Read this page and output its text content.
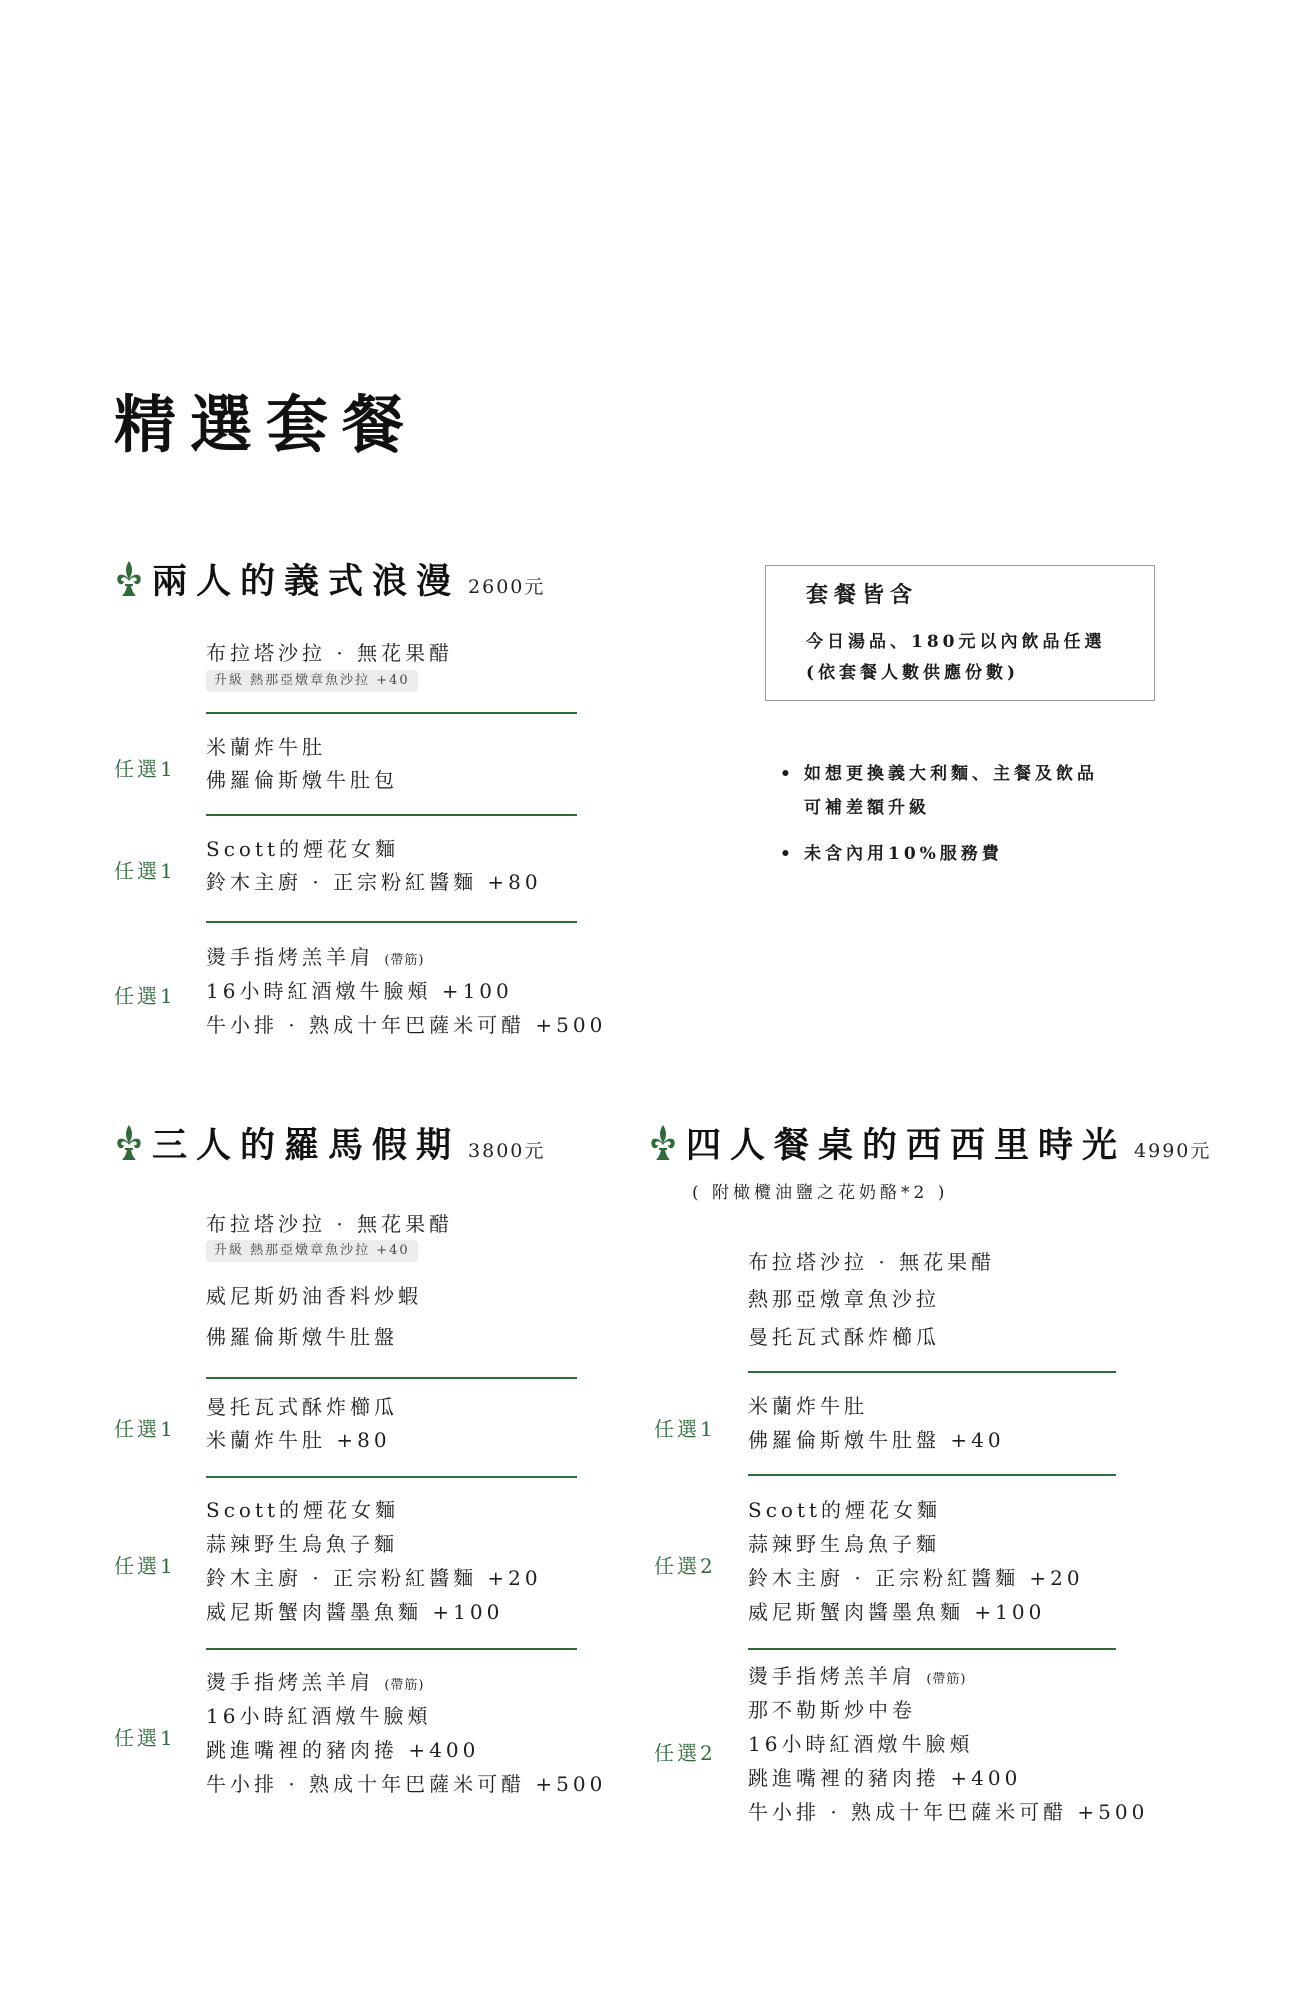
精選套餐
兩人的義式浪漫 2600元
布拉塔沙拉 · 無花果醋
升級 熱那亞燉章魚沙拉 +40
任選1
米蘭炸牛肚
佛羅倫斯燉牛肚包
任選1
Scott的煙花女麵
鈴木主廚 · 正宗粉紅醬麵 +80
任選1
燙手指烤羔羊肩 (帶筋)
16小時紅酒燉牛臉頰 +100
牛小排 · 熟成十年巴薩米可醋 +500
套餐皆含
今日湯品、180元以內飲品任選
(依套餐人數供應份數)
• 如想更換義大利麵、主餐及飲品
可補差額升級
• 未含內用10%服務費
三人的羅馬假期 3800元
布拉塔沙拉 · 無花果醋
升級 熱那亞燉章魚沙拉 +40
威尼斯奶油香料炒蝦
佛羅倫斯燉牛肚盤
任選1
曼托瓦式酥炸櫛瓜
米蘭炸牛肚 +80
任選1
Scott的煙花女麵
蒜辣野生烏魚子麵
鈴木主廚 · 正宗粉紅醬麵 +20
威尼斯蟹肉醬墨魚麵 +100
任選1
燙手指烤羔羊肩 (帶筋)
16小時紅酒燉牛臉頰
跳進嘴裡的豬肉捲 +400
牛小排 · 熟成十年巴薩米可醋 +500
四人餐桌的西西里時光 4990元
( 附橄欖油鹽之花奶酪*2 )
布拉塔沙拉 · 無花果醋
熱那亞燉章魚沙拉
曼托瓦式酥炸櫛瓜
任選1
米蘭炸牛肚
佛羅倫斯燉牛肚盤 +40
任選2
Scott的煙花女麵
蒜辣野生烏魚子麵
鈴木主廚 · 正宗粉紅醬麵 +20
威尼斯蟹肉醬墨魚麵 +100
任選2
燙手指烤羔羊肩 (帶筋)
那不勒斯炒中卷
16小時紅酒燉牛臉頰
跳進嘴裡的豬肉捲 +400
牛小排 · 熟成十年巴薩米可醋 +500
